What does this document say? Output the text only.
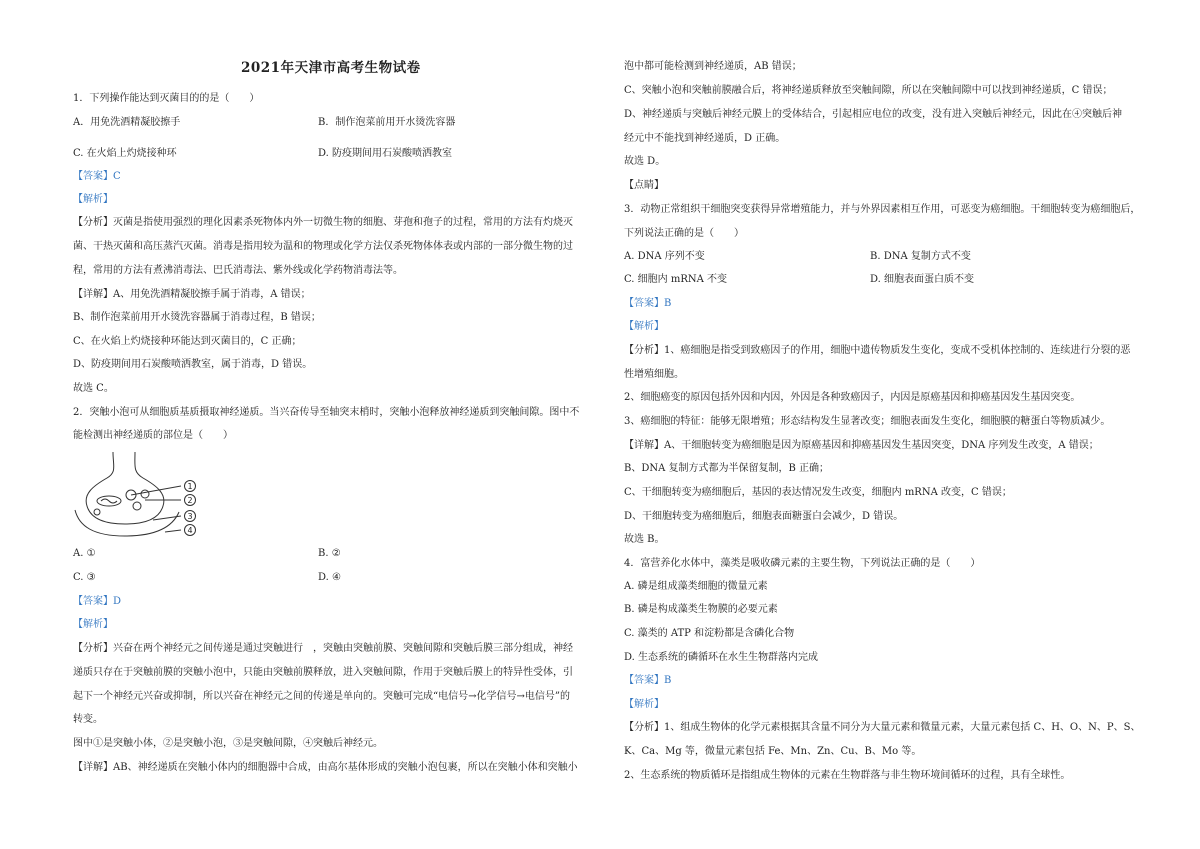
2021年天津市高考生物试卷
1．下列操作能达到灭菌目的的是（　　）
A．用免洗酒精凝胶擦手	B．制作泡菜前用开水烫洗容器
C. 在火焰上灼烧接种环	D. 防疫期间用石炭酸喷洒教室
【答案】C
【解析】
【分析】灭菌是指使用强烈的理化因素杀死物体内外一切微生物的细胞、芽孢和孢子的过程，常用的方法有灼烧灭
菌、干热灭菌和高压蒸汽灭菌。消毒是指用较为温和的物理或化学方法仅杀死物体体表或内部的一部分微生物的过
程，常用的方法有煮沸消毒法、巴氏消毒法、紫外线或化学药物消毒法等。
【详解】A、用免洗酒精凝胶擦手属于消毒，A 错误；
B、制作泡菜前用开水烫洗容器属于消毒过程，B 错误；
C、在火焰上灼烧接种环能达到灭菌目的，C 正确；
D、防疫期间用石炭酸喷洒教室，属于消毒，D 错误。
故选 C。
2．突触小泡可从细胞质基质摄取神经递质。当兴奋传导至轴突末梢时，突触小泡释放神经递质到突触间隙。图中不
能检测出神经递质的部位是（　　）
1
2
3
4
A. ①	B. ②
C. ③	D. ④
【答案】D
【解析】
【分析】兴奋在两个神经元之间传递是通过突触进行　，突触由突触前膜、突触间隙和突触后膜三部分组成，神经
递质只存在于突触前膜的突触小泡中，只能由突触前膜释放，进入突触间隙，作用于突触后膜上的特异性受体，引
起下一个神经元兴奋或抑制，所以兴奋在神经元之间的传递是单向的。突触可完成“电信号→化学信号→电信号”的
转变。
图中①是突触小体，②是突触小泡，③是突触间隙，④突触后神经元。
【详解】AB、神经递质在突触小体内的细胞器中合成，由高尔基体形成的突触小泡包裹，所以在突触小体和突触小
泡中都可能检测到神经递质，AB 错误；
C、突触小泡和突触前膜融合后，将神经递质释放至突触间隙，所以在突触间隙中可以找到神经递质，C 错误；
D、神经递质与突触后神经元膜上的受体结合，引起相应电位的改变，没有进入突触后神经元，因此在④突触后神
经元中不能找到神经递质，D 正确。
故选 D。
【点睛】
3．动物正常组织干细胞突变获得异常增殖能力，并与外界因素相互作用，可恶变为癌细胞。干细胞转变为癌细胞后，
下列说法正确的是（　　）
A. DNA 序列不变	B. DNA 复制方式不变
C. 细胞内 mRNA 不变	D. 细胞表面蛋白质不变
【答案】B
【解析】
【分析】1、癌细胞是指受到致癌因子的作用，细胞中遗传物质发生变化，变成不受机体控制的、连续进行分裂的恶
性增殖细胞。
2、细胞癌变的原因包括外因和内因，外因是各种致癌因子，内因是原癌基因和抑癌基因发生基因突变。
3、癌细胞的特征：能够无限增殖；形态结构发生显著改变；细胞表面发生变化，细胞膜的糖蛋白等物质减少。
【详解】A、干细胞转变为癌细胞是因为原癌基因和抑癌基因发生基因突变，DNA 序列发生改变，A 错误；
B、DNA 复制方式都为半保留复制，B 正确；
C、干细胞转变为癌细胞后，基因的表达情况发生改变，细胞内 mRNA 改变，C 错误；
D、干细胞转变为癌细胞后，细胞表面糖蛋白会减少，D 错误。
故选 B。
4．富营养化水体中，藻类是吸收磷元素的主要生物，下列说法正确的是（　　）
A. 磷是组成藻类细胞的微量元素
B. 磷是构成藻类生物膜的必要元素
C. 藻类的 ATP 和淀粉都是含磷化合物
D. 生态系统的磷循环在水生生物群落内完成
【答案】B
【解析】
【分析】1、组成生物体的化学元素根据其含量不同分为大量元素和微量元素，大量元素包括 C、H、O、N、P、S、
K、Ca、Mg 等，微量元素包括 Fe、Mn、Zn、Cu、B、Mo 等。
2、生态系统的物质循环是指组成生物体的元素在生物群落与非生物环境间循环的过程，具有全球性。
